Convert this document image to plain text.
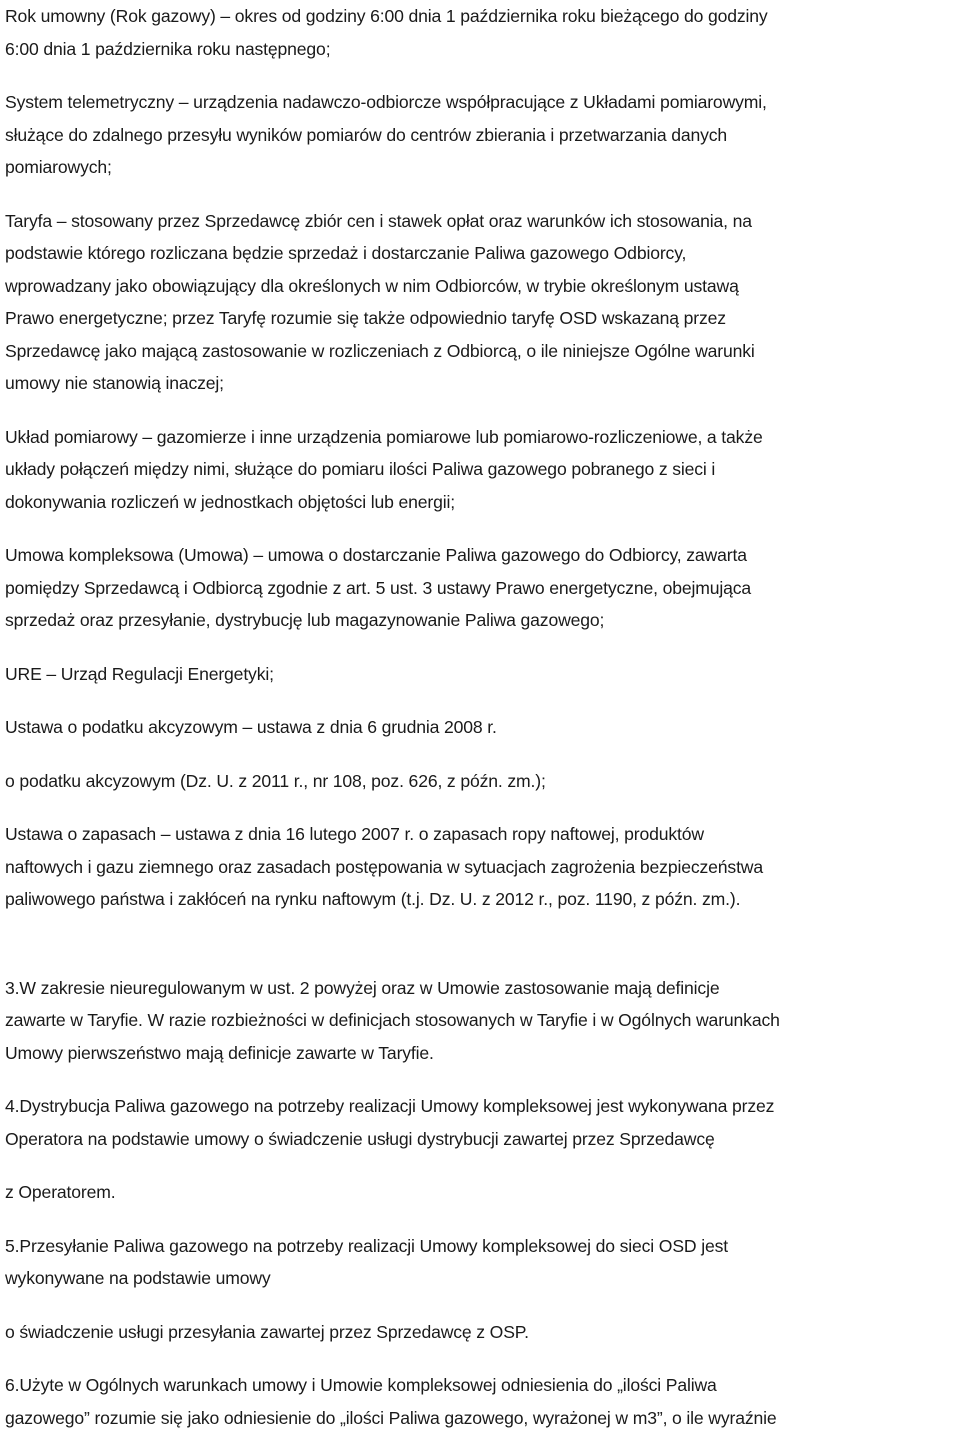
Rok umowny (Rok gazowy) – okres od godziny 6:00 dnia 1 października roku bieżącego do godziny
6:00 dnia 1 października roku następnego;
System telemetryczny – urządzenia nadawczo-odbiorcze współpracujące z Układami pomiarowymi,
służące do zdalnego przesyłu wyników pomiarów do centrów zbierania i przetwarzania danych
pomiarowych;
Taryfa – stosowany przez Sprzedawcę zbiór cen i stawek opłat oraz warunków ich stosowania, na
podstawie którego rozliczana będzie sprzedaż i dostarczanie Paliwa gazowego Odbiorcy,
wprowadzany jako obowiązujący dla określonych w nim Odbiorców, w trybie określonym ustawą
Prawo energetyczne; przez Taryfę rozumie się także odpowiednio taryfę OSD wskazaną przez
Sprzedawcę jako mającą zastosowanie w rozliczeniach z Odbiorcą, o ile niniejsze Ogólne warunki
umowy nie stanowią inaczej;
Układ pomiarowy – gazomierze i inne urządzenia pomiarowe lub pomiarowo-rozliczeniowe, a także
układy połączeń między nimi, służące do pomiaru ilości Paliwa gazowego pobranego z sieci i
dokonywania rozliczeń w jednostkach objętości lub energii;
Umowa kompleksowa (Umowa) – umowa o dostarczanie Paliwa gazowego do Odbiorcy, zawarta
pomiędzy Sprzedawcą i Odbiorcą zgodnie z art. 5 ust. 3 ustawy Prawo energetyczne, obejmująca
sprzedaż oraz przesyłanie, dystrybucję lub magazynowanie Paliwa gazowego;
URE – Urząd Regulacji Energetyki;
Ustawa o podatku akcyzowym – ustawa z dnia 6 grudnia 2008 r.
o podatku akcyzowym (Dz. U. z 2011 r., nr 108, poz. 626, z późn. zm.);
Ustawa o zapasach – ustawa z dnia 16 lutego 2007 r. o zapasach ropy naftowej, produktów
naftowych i gazu ziemnego oraz zasadach postępowania w sytuacjach zagrożenia bezpieczeństwa
paliwowego państwa i zakłóceń na rynku naftowym (t.j. Dz. U. z 2012 r., poz. 1190, z późn. zm.).
3.W zakresie nieuregulowanym w ust. 2 powyżej oraz w Umowie zastosowanie mają definicje
zawarte w Taryfie. W razie rozbieżności w definicjach stosowanych w Taryfie i w Ogólnych warunkach
Umowy pierwszeństwo mają definicje zawarte w Taryfie.
4.Dystrybucja Paliwa gazowego na potrzeby realizacji Umowy kompleksowej jest wykonywana przez
Operatora na podstawie umowy o świadczenie usługi dystrybucji zawartej przez Sprzedawcę
z Operatorem.
5.Przesyłanie Paliwa gazowego na potrzeby realizacji Umowy kompleksowej do sieci OSD jest
wykonywane na podstawie umowy
o świadczenie usługi przesyłania zawartej przez Sprzedawcę z OSP.
6.Użyte w Ogólnych warunkach umowy i Umowie kompleksowej odniesienia do „ilości Paliwa
gazowego” rozumie się jako odniesienie do „ilości Paliwa gazowego, wyrażonej w m3”, o ile wyraźnie
